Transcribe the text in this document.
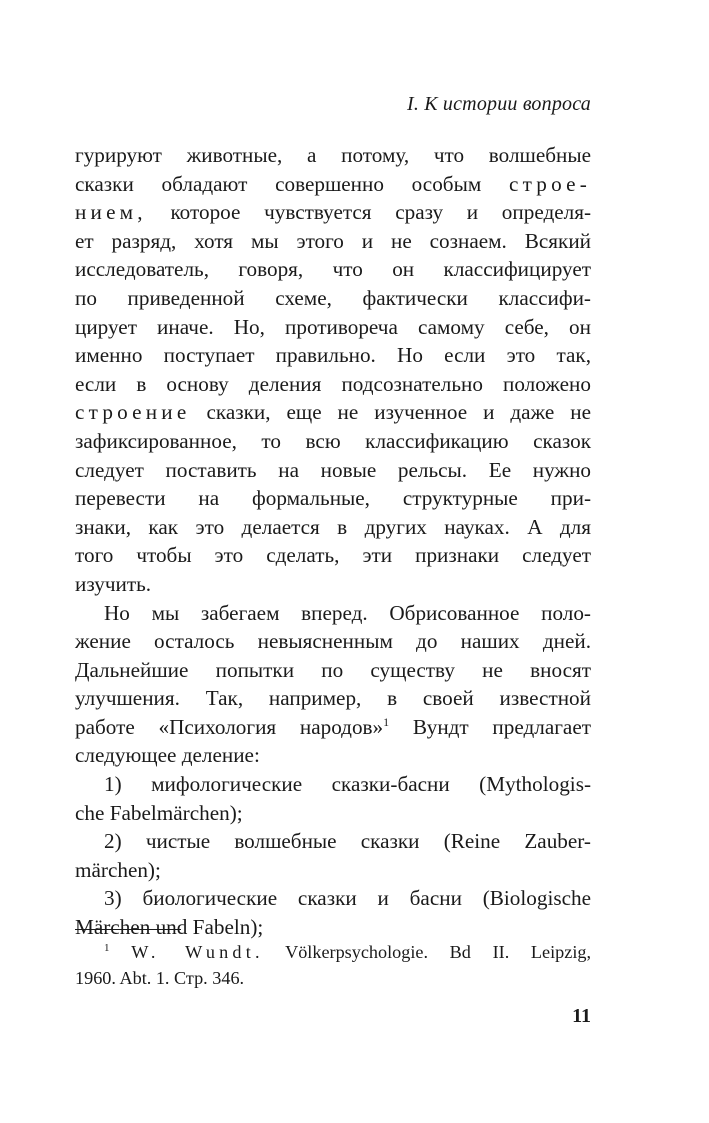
I. К истории вопроса
гурируют животные, а потому, что волшебные
сказки обладают совершенно особым строе-
нием, которое чувствуется сразу и определя-
ет разряд, хотя мы этого и не сознаем. Всякий
исследователь, говоря, что он классифицирует
по приведенной схеме, фактически классифи-
цирует иначе. Но, противореча самому себе, он
именно поступает правильно. Но если это так,
если в основу деления подсознательно положено
строение сказки, еще не изученное и даже не
зафиксированное, то всю классификацию сказок
следует поставить на новые рельсы. Ее нужно
перевести на формальные, структурные при-
знаки, как это делается в других науках. А для
того чтобы это сделать, эти признаки следует
изучить.
Но мы забегаем вперед. Обрисованное поло-
жение осталось невыясненным до наших дней.
Дальнейшие попытки по существу не вносят
улучшения. Так, например, в своей известной
работе «Психология народов»$^1$ Вундт предлагает
следующее деление:
1) мифологические сказки-басни (Mythologis-
che Fabelmärchen);
2) чистые волшебные сказки (Reine Zauber-
märchen);
3) биологические сказки и басни (Biologische
Märchen und Fabeln);
$^1$ W. Wundt. Völkerpsychologie. Bd II. Leipzig,
1960. Abt. 1. Стр. 346.
11
